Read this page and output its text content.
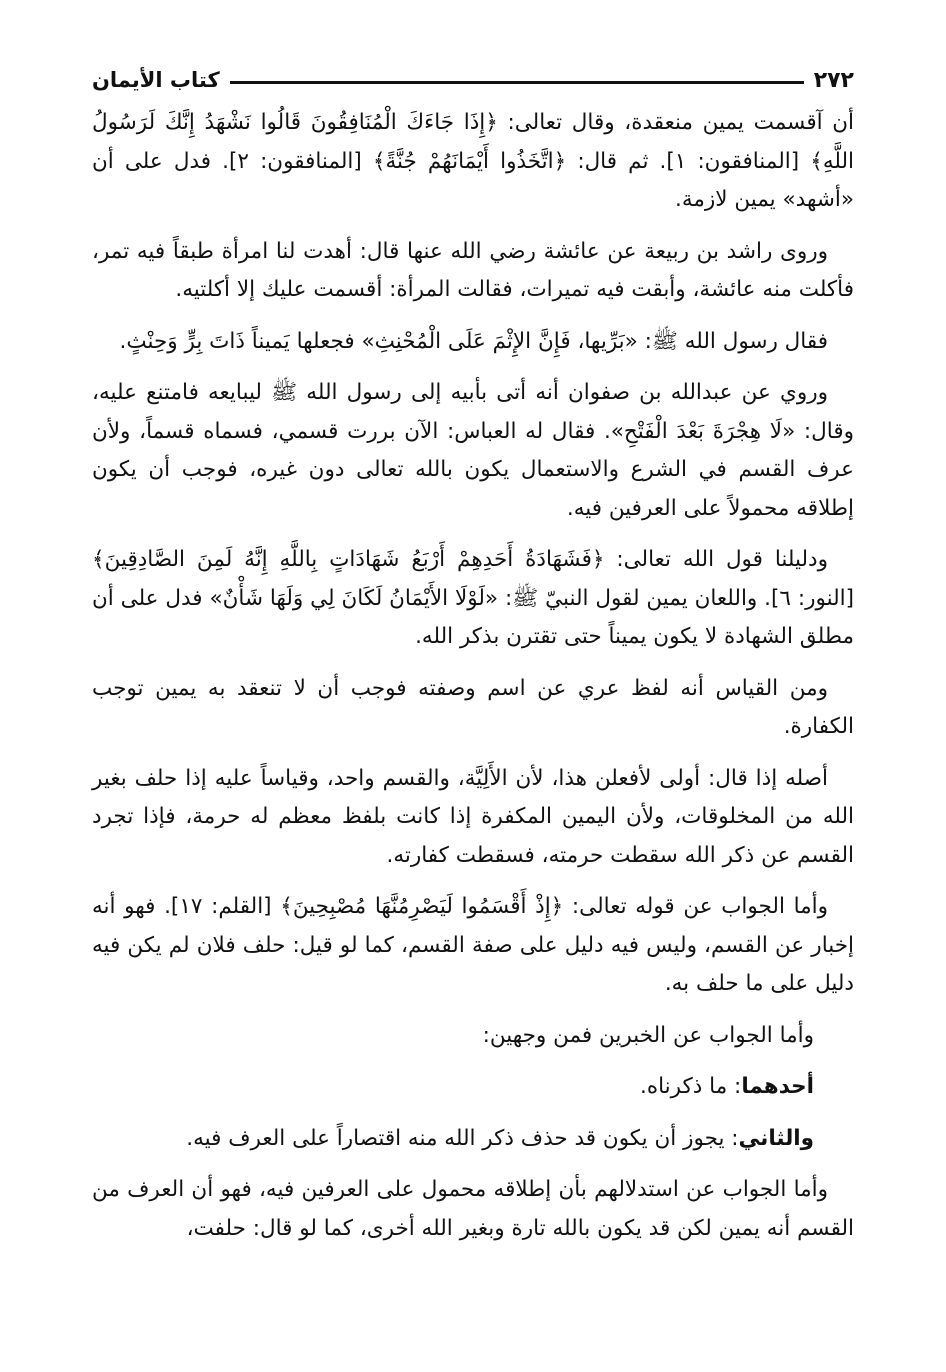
٢٧٢
كتاب الأيمان

أن آقسمت يمين منعقدة، وقال تعالى: ﴿إِذَا جَاءَكَ الْمُنَافِقُونَ قَالُوا نَشْهَدُ إِنَّكَ لَرَسُولُ اللَّهِ﴾ [المنافقون: ١]. ثم قال: ﴿اتَّخَذُوا أَيْمَانَهُمْ جُنَّةً﴾ [المنافقون: ٢]. فدل على أن «أشهد» يمين لازمة.

وروى راشد بن ربيعة عن عائشة رضي الله عنها قال: أهدت لنا امرأة طبقاً فيه تمر، فأكلت منه عائشة، وأبقت فيه تميرات، فقالت المرأة: أقسمت عليك إلا أكلتيه.

فقال رسول الله ﷺ: «بَرِّيها، فَإِنَّ الإِثْمَ عَلَى الْمُحْنِثِ» فجعلها يَميناً ذَاتَ بِرٍّ وَحِنْثٍ.

وروي عن عبدالله بن صفوان أنه أتى بأبيه إلى رسول الله ﷺ ليبايعه فامتنع عليه، وقال: «لَا هِجْرَةَ بَعْدَ الْفَتْحِ». فقال له العباس: الآن بررت قسمي، فسماه قسماً، ولأن عرف القسم في الشرع والاستعمال يكون بالله تعالى دون غيره، فوجب أن يكون إطلاقه محمولاً على العرفين فيه.

ودليلنا قول الله تعالى: ﴿فَشَهَادَةُ أَحَدِهِمْ أَرْبَعُ شَهَادَاتٍ بِاللَّهِ إِنَّهُ لَمِنَ الصَّادِقِينَ﴾ [النور: ٦]. واللعان يمين لقول النبيّ ﷺ: «لَوْلَا الأَيْمَانُ لَكَانَ لِي وَلَهَا شَأْنٌ» فدل على أن مطلق الشهادة لا يكون يميناً حتى تقترن بذكر الله.

ومن القياس أنه لفظ عري عن اسم وصفته فوجب أن لا تنعقد به يمين توجب الكفارة.

أصله إذا قال: أولى لأفعلن هذا، لأن الأَلِيَّة، والقسم واحد، وقياساً عليه إذا حلف بغير الله من المخلوقات، ولأن اليمين المكفرة إذا كانت بلفظ معظم له حرمة، فإذا تجرد القسم عن ذكر الله سقطت حرمته، فسقطت كفارته.

وأما الجواب عن قوله تعالى: ﴿إِذْ أَقْسَمُوا لَيَصْرِمُنَّهَا مُصْبِحِينَ﴾ [القلم: ١٧]. فهو أنه إخبار عن القسم، وليس فيه دليل على صفة القسم، كما لو قيل: حلف فلان لم يكن فيه دليل على ما حلف به.

وأما الجواب عن الخبرين فمن وجهين:

أحدهما: ما ذكرناه.

والثاني: يجوز أن يكون قد حذف ذكر الله منه اقتصاراً على العرف فيه.

وأما الجواب عن استدلالهم بأن إطلاقه محمول على العرفين فيه، فهو أن العرف من القسم أنه يمين لكن قد يكون بالله تارة وبغير الله أخرى، كما لو قال: حلفت،
